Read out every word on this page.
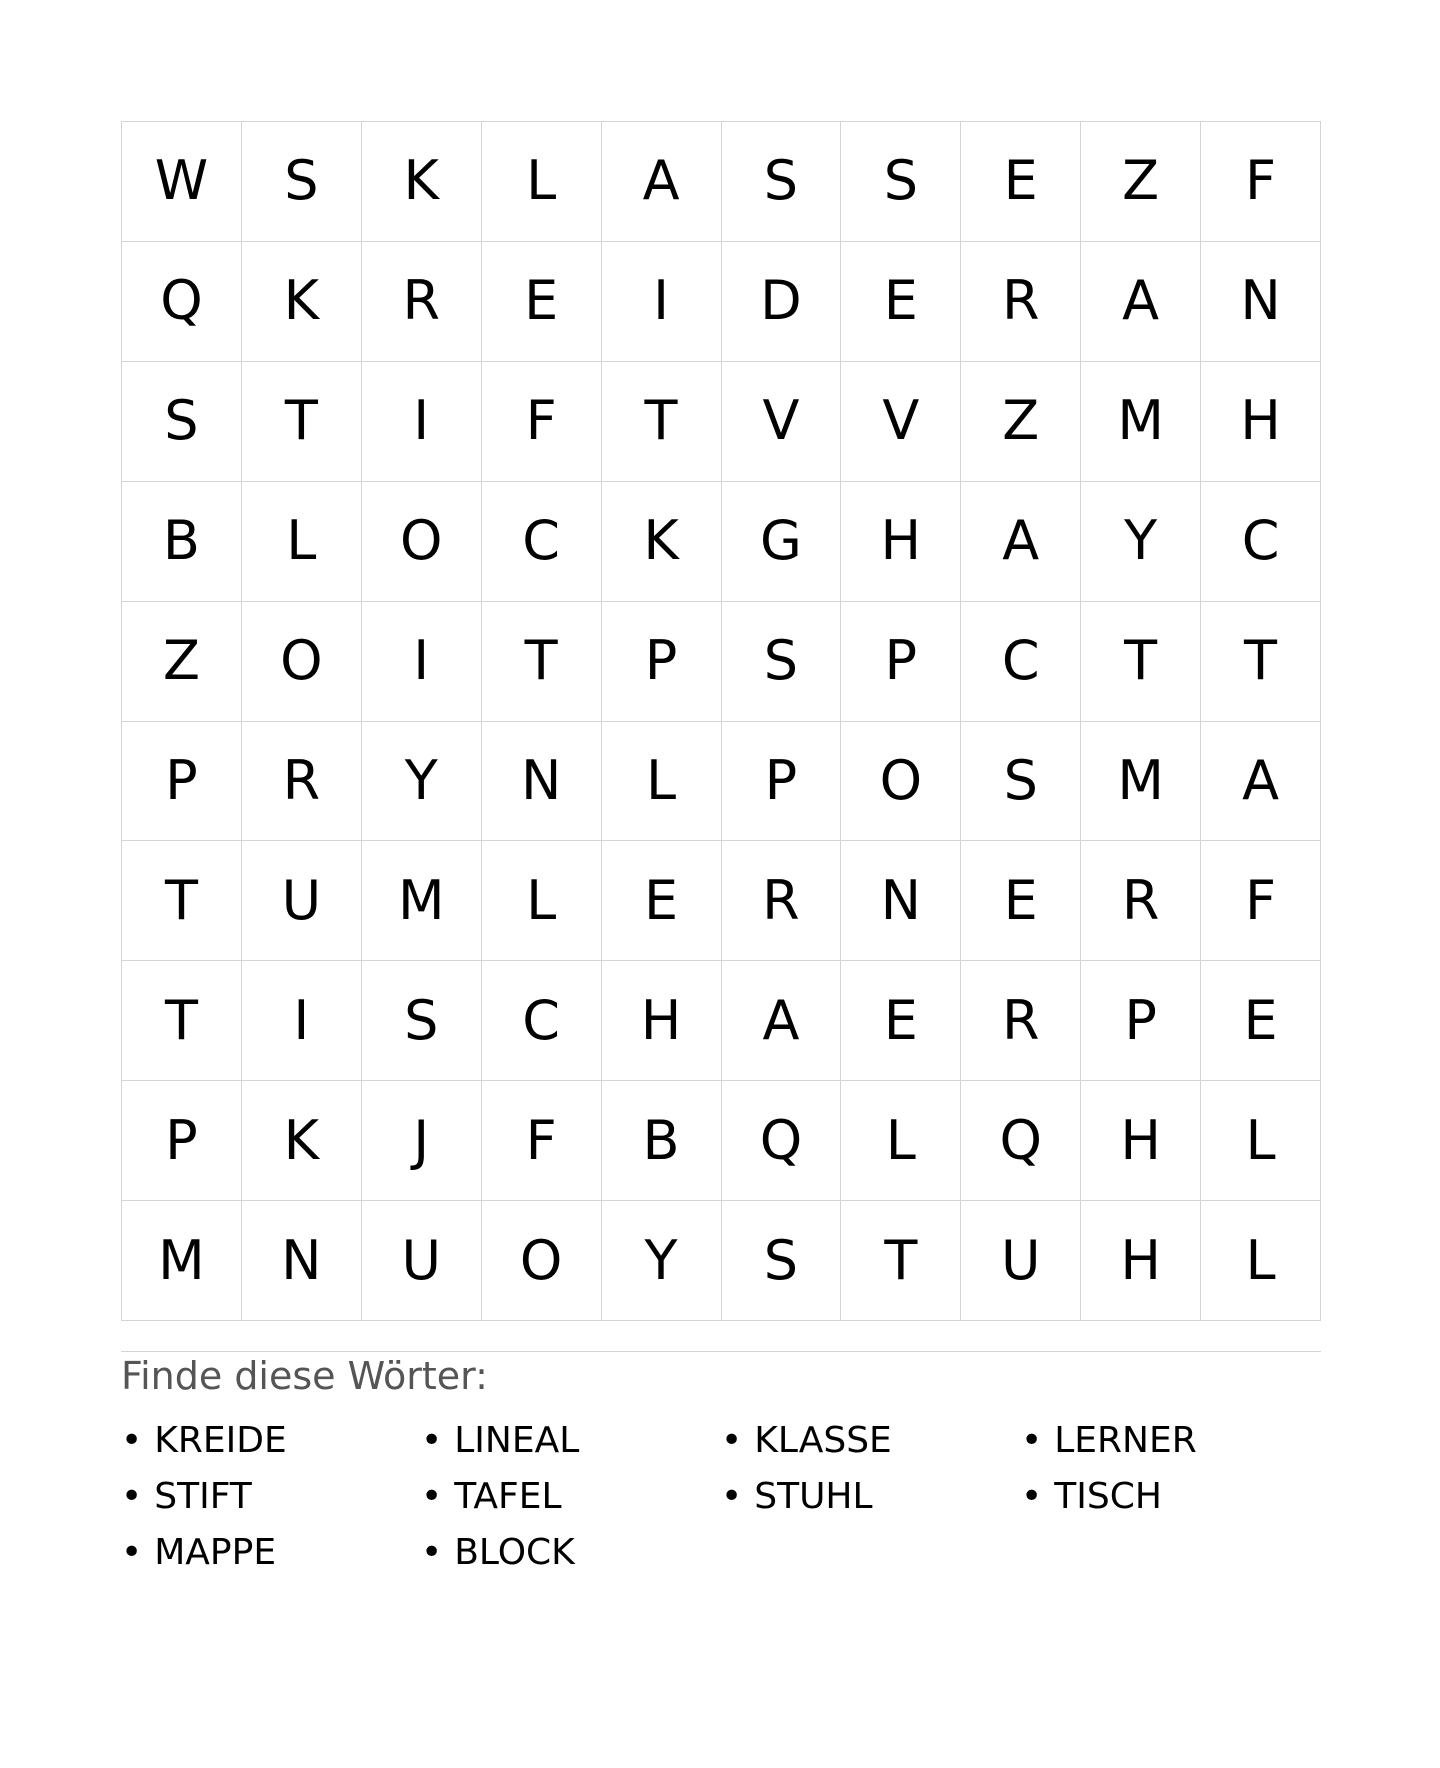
W	S	K	L	A	S	S	E	Z	F
Q	K	R	E	I	D	E	R	A	N
S	T	I	F	T	V	V	Z	M	H
B	L	O	C	K	G	H	A	Y	C
Z	O	I	T	P	S	P	C	T	T
P	R	Y	N	L	P	O	S	M	A
T	U	M	L	E	R	N	E	R	F
T	I	S	C	H	A	E	R	P	E
P	K	J	F	B	Q	L	Q	H	L
M	N	U	O	Y	S	T	U	H	L
Finde diese Wörter:
• KREIDE	• LINEAL	• KLASSE	• LERNER
• STIFT	• TAFEL	• STUHL	• TISCH
• MAPPE	• BLOCK
